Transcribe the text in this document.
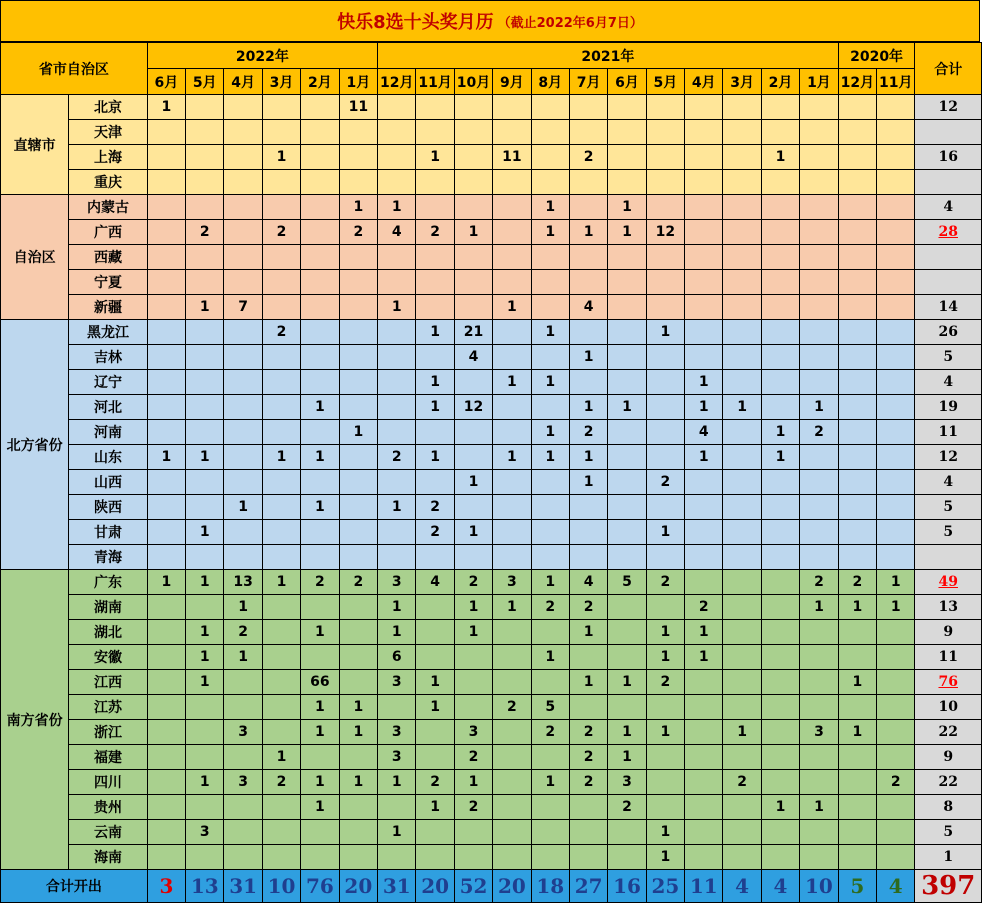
快乐8选十头奖月历 （截止2022年6月7日）
省市自治区		2022年						2021年												2020年		合计
		6月	5月	4月	3月	2月	1月	12月	11月	10月	9月	8月	7月	6月	5月	4月	3月	2月	1月	12月	11月	
直辖市	北京	1					11															12
	天津																					
	上海				1				1		11		2					1				16
	重庆																					
自治区	内蒙古						1	1				1		1								4
	广西		2		2		2	4	2	1		1	1	1	12							28
	西藏																					
	宁夏																					
	新疆		1	7				1			1		4									14
北方省份	黑龙江				2				1	21		1			1							26
	吉林									4			1									5
	辽宁								1		1	1				1						4
	河北					1			1	12			1	1		1	1		1			19
	河南						1					1	2			4		1	2			11
	山东	1	1		1	1		2	1		1	1	1			1		1				12
	山西									1			1		2							4
	陕西			1		1		1	2													5
	甘肃		1						2	1					1							5
	青海																					
南方省份	广东	1	1	13	1	2	2	3	4	2	3	1	4	5	2				2	2	1	49
	湖南			1				1		1	1	2	2			2			1	1	1	13
	湖北		1	2		1		1		1			1		1	1						9
	安徽		1	1				6				1			1	1						11
	江西		1			66		3	1				1	1	2					1		76
	江苏					1	1		1		2	5										10
	浙江			3		1	1	3		3		2	2	1	1		1		3	1		22
	福建				1			3		2			2	1								9
	四川		1	3	2	1	1	1	2	1		1	2	3			2				2	22
	贵州					1			1	2				2				1	1			8
	云南		3					1							1							5
	海南														1							1
合计开出		3	13	31	10	76	20	31	20	52	20	18	27	16	25	11	4	4	10	5	4	397
